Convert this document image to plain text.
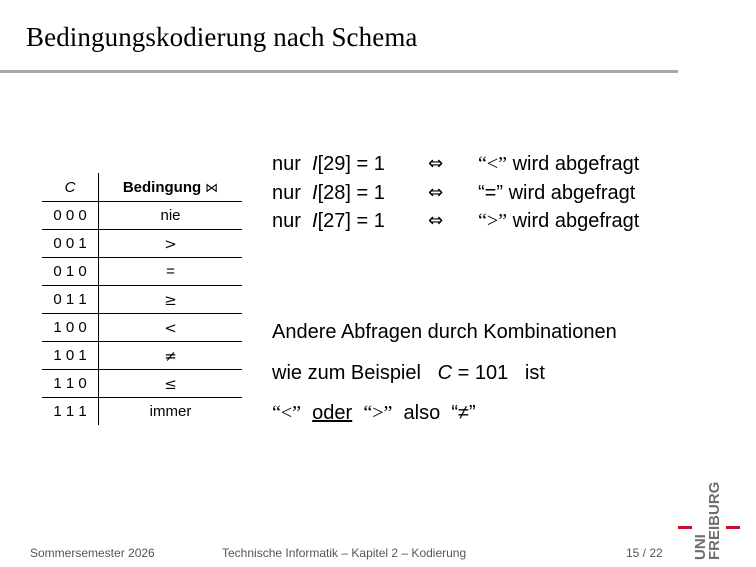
Bedingungskodierung nach Schema
C	Bedingung ⋈
0 0 0	nie
0 0 1	>
0 1 0	=
0 1 1	≥
1 0 0	<
1 0 1	≠
1 1 0	≤
1 1 1	immer
nur I[29] = 1	⇔	“<”
wird abgefragt
nur I[28] = 1	⇔	“=”
wird abgefragt
nur I[27] = 1	⇔	“>”
wird abgefragt
Andere Abfragen durch Kombinationen
wie zum Beispiel C = 101 ist
“<” oder “>” also “≠”
Sommersemester 2026	Technische Informatik – Kapitel 2 – Kodierung	15 / 22 UNI
FREIBURG
